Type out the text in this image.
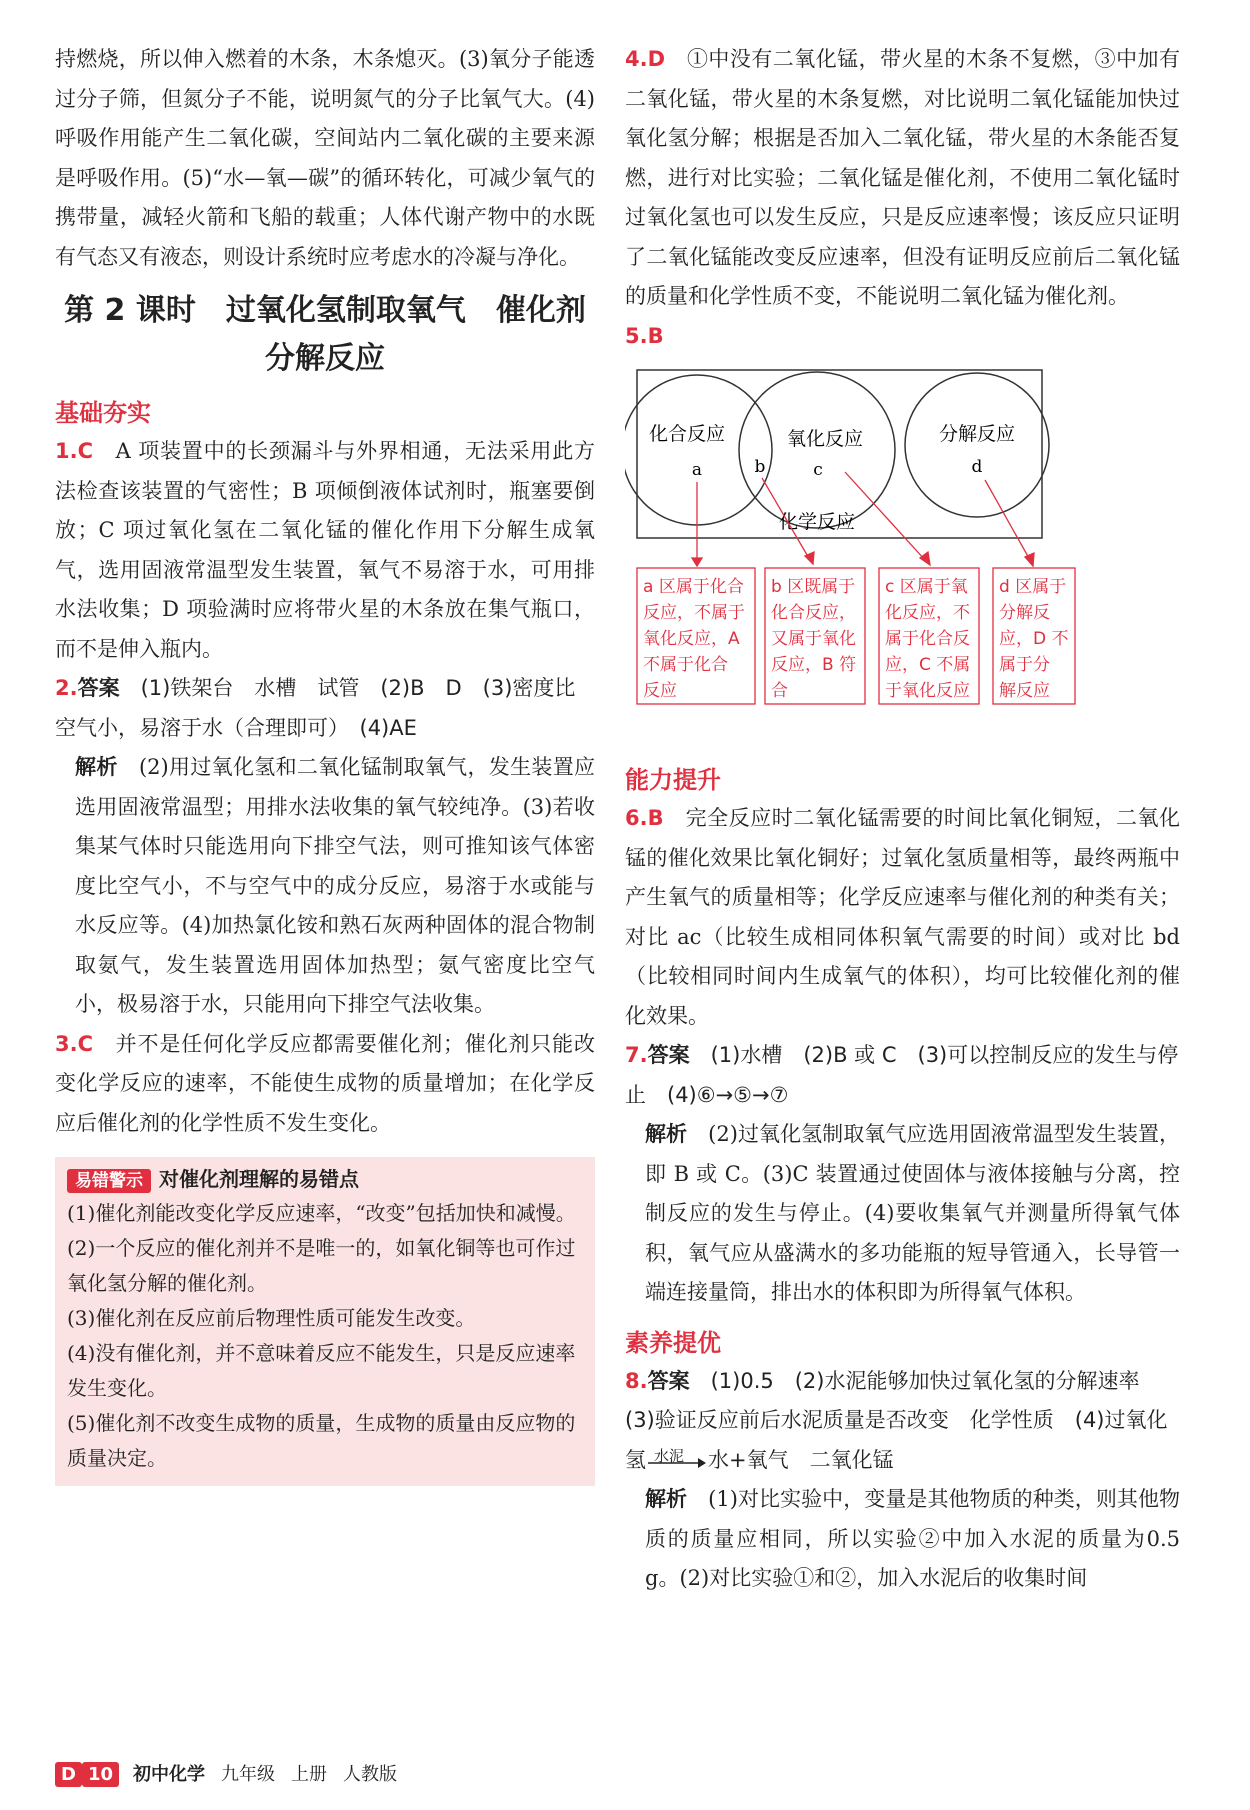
持燃烧，所以伸入燃着的木条，木条熄灭。(3)氧分子能透过分子筛，但氮分子不能，说明氮气的分子比氧气大。(4)呼吸作用能产生二氧化碳，空间站内二氧化碳的主要来源是呼吸作用。(5)“水—氧—碳”的循环转化，可减少氧气的携带量，减轻火箭和飞船的载重；人体代谢产物中的水既有气态又有液态，则设计系统时应考虑水的冷凝与净化。

第 2 课时　过氧化氢制取氧气　催化剂分解反应
基础夯实

1.C　 A 项装置中的长颈漏斗与外界相通，无法采用此方法检查该装置的气密性；B 项倾倒液体试剂时，瓶塞要倒放；C 项过氧化氢在二氧化锰的催化作用下分解生成氧气，选用固液常温型发生装置，氧气不易溶于水，可用排水法收集；D 项验满时应将带火星的木条放在集气瓶口，而不是伸入瓶内。

2.答案　 (1)铁架台　水槽　试管　(2)B　D　(3)密度比空气小，易溶于水（合理即可）　(4)AE

解析　 (2)用过氧化氢和二氧化锰制取氧气，发生装置应选用固液常温型；用排水法收集的氧气较纯净。(3)若收集某气体时只能选用向下排空气法，则可推知该气体密度比空气小，不与空气中的成分反应，易溶于水或能与水反应等。(4)加热氯化铵和熟石灰两种固体的混合物制取氨气，发生装置选用固体加热型；氨气密度比空气小，极易溶于水，只能用向下排空气法收集。

3.C　 并不是任何化学反应都需要催化剂；催化剂只能改变化学反应的速率，不能使生成物的质量增加；在化学反应后催化剂的化学性质不发生变化。

易错警示 对催化剂理解的易错点

(1)催化剂能改变化学反应速率，“改变”包括加快和减慢。

(2)一个反应的催化剂并不是唯一的，如氧化铜等也可作过氧化氢分解的催化剂。

(3)催化剂在反应前后物理性质可能发生改变。

(4)没有催化剂，并不意味着反应不能发生，只是反应速率发生变化。

(5)催化剂不改变生成物的质量，生成物的质量由反应物的质量决定。

4.D　 ①中没有二氧化锰，带火星的木条不复燃，③中加有二氧化锰，带火星的木条复燃，对比说明二氧化锰能加快过氧化氢分解；根据是否加入二氧化锰，带火星的木条能否复燃，进行对比实验；二氧化锰是催化剂，不使用二氧化锰时过氧化氢也可以发生反应，只是反应速率慢；该反应只证明了二氧化锰能改变反应速率，但没有证明反应前后二氧化锰的质量和化学性质不变，不能说明二氧化锰为催化剂。

5.B

化合反应	氧化反应	分解反应
a	b	c	d
化学反应
a 区属于化合
反应，不属于
氧化反应，A
不属于化合
反应
b 区既属于
化合反应，
又属于氧化
反应，B 符
合
c 区属于氧
化反应，不
属于化合反
应，C 不属
于氧化反应
d 区属于
分解反
应，D 不
属于分
解反应
能力提升

6.B　 完全反应时二氧化锰需要的时间比氧化铜短，二氧化锰的催化效果比氧化铜好；过氧化氢质量相等，最终两瓶中产生氧气的质量相等；化学反应速率与催化剂的种类有关；对比 ac（比较生成相同体积氧气需要的时间）或对比 bd（比较相同时间内生成氧气的体积），均可比较催化剂的催化效果。

7.答案　 (1)水槽　(2)B 或 C　(3)可以控制反应的发生与停止　(4)⑥→⑤→⑦

解析　 (2)过氧化氢制取氧气应选用固液常温型发生装置，即 B 或 C。(3)C 装置通过使固体与液体接触与分离，控制反应的发生与停止。(4)要收集氧气并测量所得氧气体积，氧气应从盛满水的多功能瓶的短导管通入，长导管一端连接量筒，排出水的体积即为所得氧气体积。

素养提优

8.答案　 (1)0.5　(2)水泥能够加快过氧化氢的分解速率　(3)验证反应前后水泥质量是否改变　化学性质　(4)过氧化氢 水泥 水+氧气　二氧化锰

解析　 (1)对比实验中，变量是其他物质的种类，则其他物质的质量应相同，所以实验②中加入水泥的质量为0.5 g。(2)对比实验①和②，加入水泥后的收集时间

D 10 初中化学 九年级 上册 人教版
